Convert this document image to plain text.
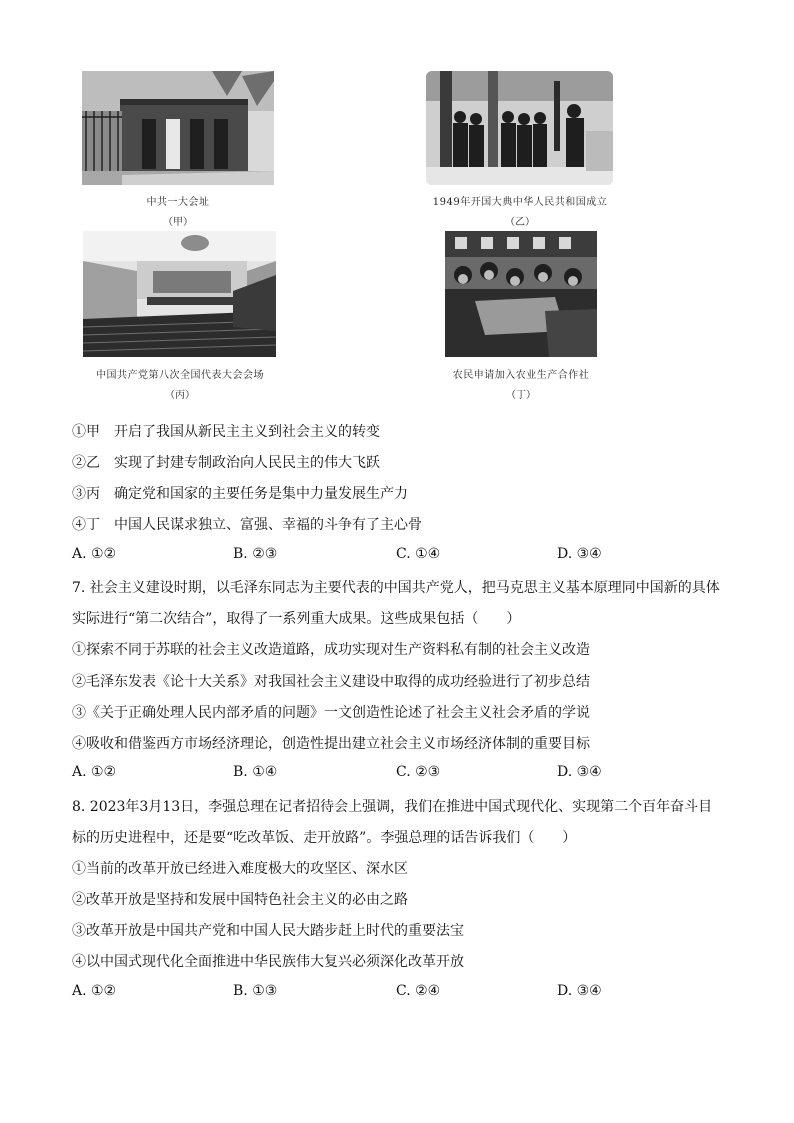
中共一大会址
（甲）
1949年开国大典中华人民共和国成立
（乙）
中国共产党第八次全国代表大会会场
（丙）
农民申请加入农业生产合作社
（丁）
①甲　开启了我国从新民主主义到社会主义的转变
②乙　实现了封建专制政治向人民民主的伟大飞跃
③丙　确定党和国家的主要任务是集中力量发展生产力
④丁　中国人民谋求独立、富强、幸福的斗争有了主心骨
A. ①②	B. ②③	C. ①④	D. ③④
7. 社会主义建设时期，以毛泽东同志为主要代表的中国共产党人，把马克思主义基本原理同中国新的具体
实际进行“第二次结合”，取得了一系列重大成果。这些成果包括（　　）
①探索不同于苏联的社会主义改造道路，成功实现对生产资料私有制的社会主义改造
②毛泽东发表《论十大关系》对我国社会主义建设中取得的成功经验进行了初步总结
③《关于正确处理人民内部矛盾的问题》一文创造性论述了社会主义社会矛盾的学说
④吸收和借鉴西方市场经济理论，创造性提出建立社会主义市场经济体制的重要目标
A. ①②	B. ①④	C. ②③	D. ③④
8. 2023年3月13日，李强总理在记者招待会上强调，我们在推进中国式现代化、实现第二个百年奋斗目
标的历史进程中，还是要“吃改革饭、走开放路”。李强总理的话告诉我们（　　）
①当前的改革开放已经进入难度极大的攻坚区、深水区
②改革开放是坚持和发展中国特色社会主义的必由之路
③改革开放是中国共产党和中国人民大踏步赶上时代的重要法宝
④以中国式现代化全面推进中华民族伟大复兴必须深化改革开放
A. ①②	B. ①③	C. ②④	D. ③④
